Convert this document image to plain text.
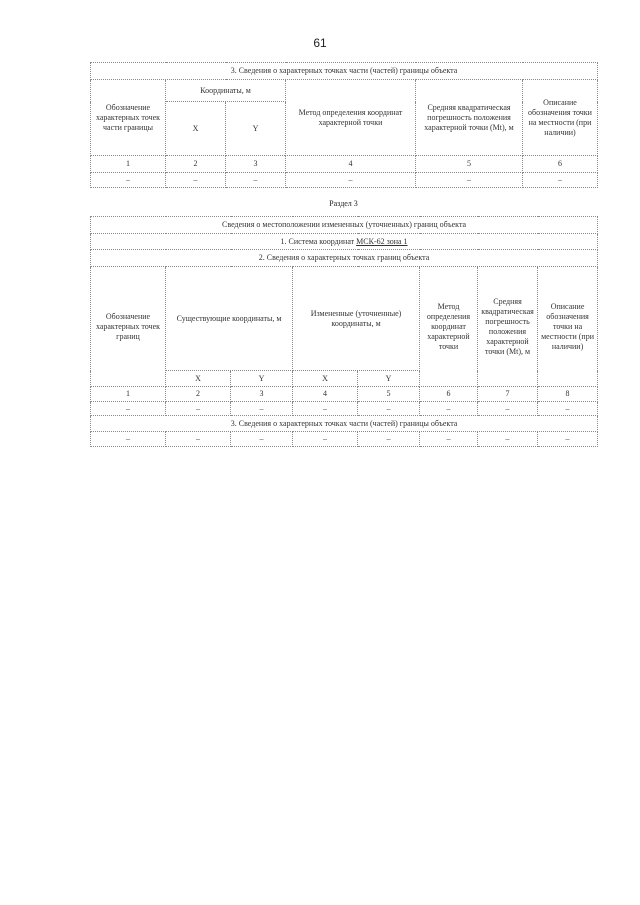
61
3. Сведения о характерных точках части (частей) границы объекта					
Обозначение характерных точек части границы	Координаты, м		Метод определения координат характерной точки	Средняя квадратическая погрешность положения характерной точки (Mt), м	Описание обозначения точки на местности (при наличии)
	X	Y			
1	2	3	4	5	6
–	–	–	–	–	–
Раздел 3
Сведения о местоположении измененных (уточненных) границ объекта							
1. Система координат МСК-62 зона 1							
2. Сведения о характерных точках границ объекта							
Обозначение характерных точек границ	Существующие координаты, м		Измененные (уточненные) координаты, м		Метод определения координат характерной точки	Средняя квадратическая погрешность положения характерной точки (Mt), м	Описание обозначения точки на местности (при наличии)
	X	Y	X	Y			
1	2	3	4	5	6	7	8
–	–	–	–	–	–	–	–
3. Сведения о характерных точках части (частей) границы объекта							
–	–	–	–	–	–	–	–
